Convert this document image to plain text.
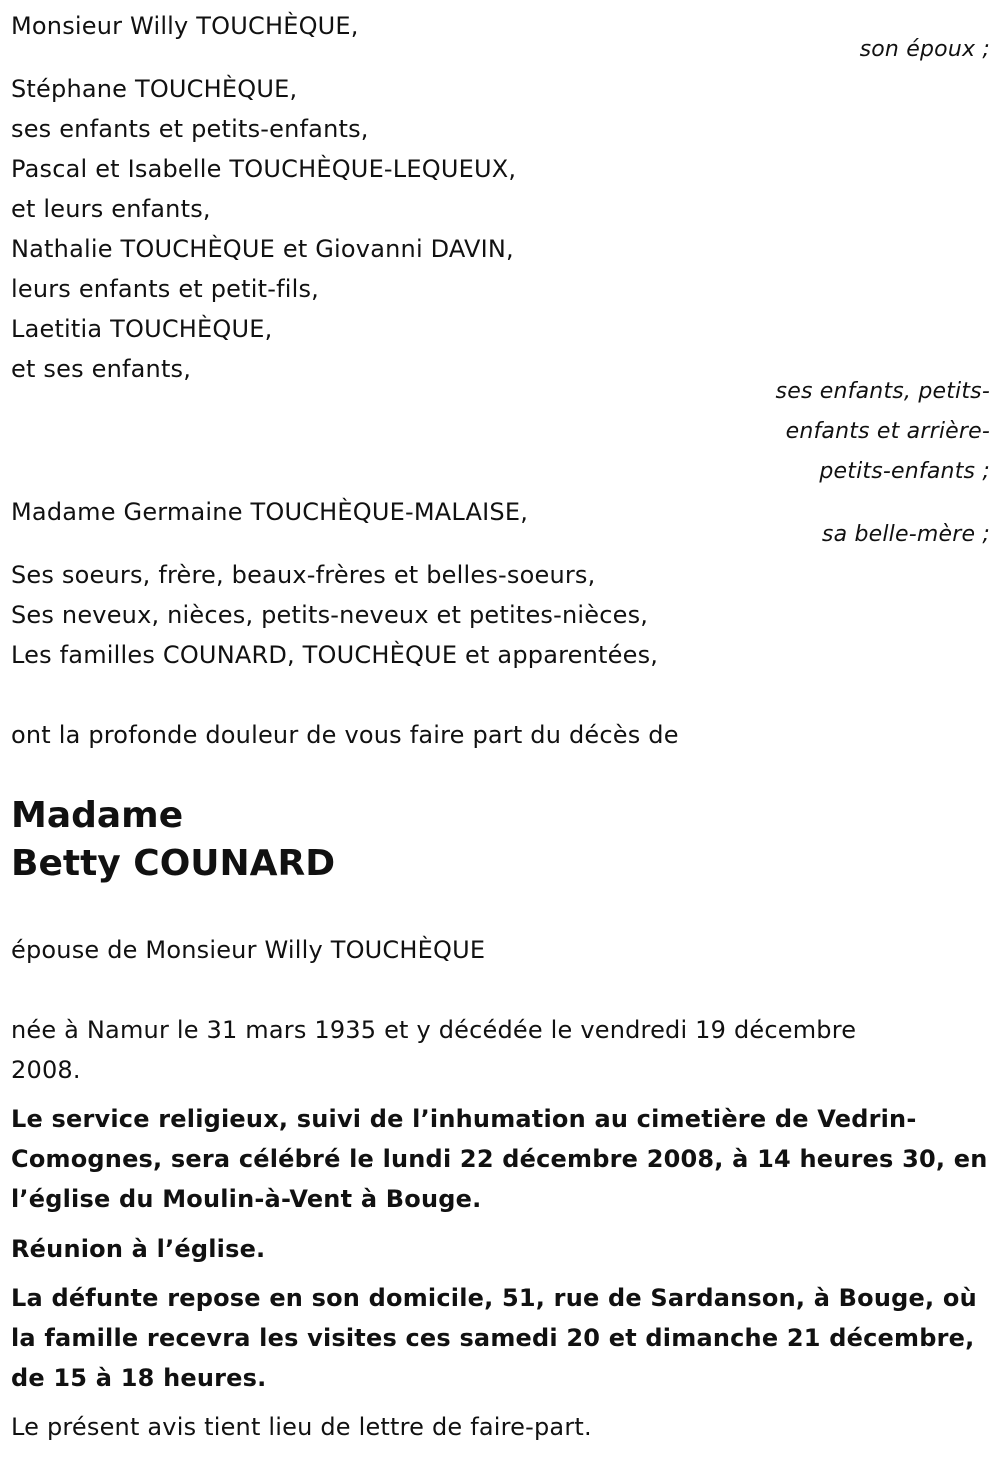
Monsieur Willy TOUCHÈQUE,
son époux ;
Stéphane TOUCHÈQUE,
ses enfants et petits-enfants,
Pascal et Isabelle TOUCHÈQUE-LEQUEUX,
et leurs enfants,
Nathalie TOUCHÈQUE et Giovanni DAVIN,
leurs enfants et petit-fils,
Laetitia TOUCHÈQUE,
et ses enfants,
ses enfants, petits-
enfants et arrière-
petits-enfants ;
Madame Germaine TOUCHÈQUE-MALAISE,
sa belle-mère ;
Ses soeurs, frère, beaux-frères et belles-soeurs,
Ses neveux, nièces, petits-neveux et petites-nièces,
Les familles COUNARD, TOUCHÈQUE et apparentées,
ont la profonde douleur de vous faire part du décès de
Madame
Betty COUNARD
épouse de Monsieur Willy TOUCHÈQUE
née à Namur le 31 mars 1935 et y décédée le vendredi 19 décembre
2008.
Le service religieux, suivi de l’inhumation au cimetière de Vedrin-
Comognes, sera célébré le lundi 22 décembre 2008, à 14 heures 30, en
l’église du Moulin-à-Vent à Bouge.
Réunion à l’église.
La défunte repose en son domicile, 51, rue de Sardanson, à Bouge, où
la famille recevra les visites ces samedi 20 et dimanche 21 décembre,
de 15 à 18 heures.
Le présent avis tient lieu de lettre de faire-part.
